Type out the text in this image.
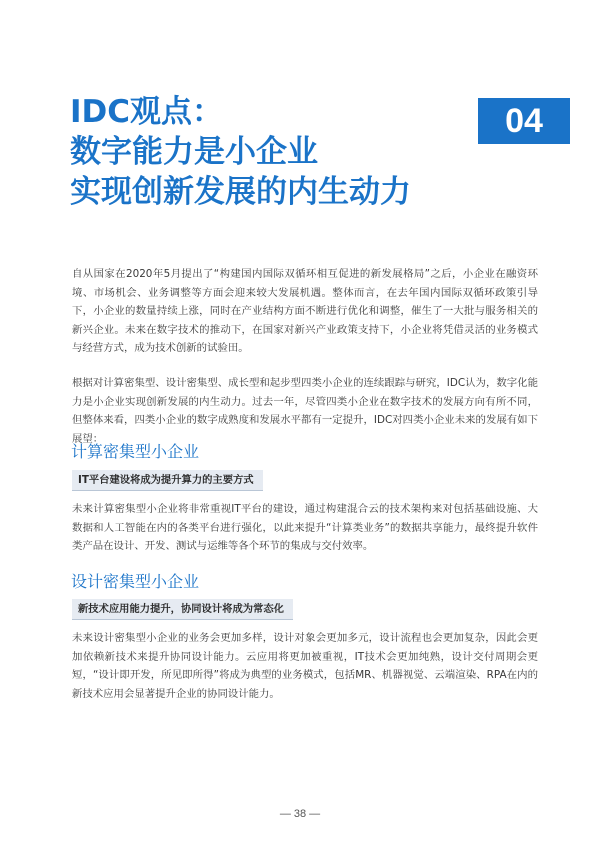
IDC观点：
数字能力是小企业
实现创新发展的内生动力
04

自从国家在2020年5月提出了“构建国内国际双循环相互促进的新发展格局”之后，小企业在融资环境、市场机会、业务调整等方面会迎来较大发展机遇。整体而言，在去年国内国际双循环政策引导下，小企业的数量持续上涨，同时在产业结构方面不断进行优化和调整，催生了一大批与服务相关的新兴企业。未来在数字技术的推动下，在国家对新兴产业政策支持下，小企业将凭借灵活的业务模式与经营方式，成为技术创新的试验田。

根据对计算密集型、设计密集型、成长型和起步型四类小企业的连续跟踪与研究，IDC认为，数字化能力是小企业实现创新发展的内生动力。过去一年，尽管四类小企业在数字技术的发展方向有所不同，但整体来看，四类小企业的数字成熟度和发展水平都有一定提升，IDC对四类小企业未来的发展有如下展望：

计算密集型小企业
IT平台建设将成为提升算力的主要方式

未来计算密集型小企业将非常重视IT平台的建设，通过构建混合云的技术架构来对包括基础设施、大数据和人工智能在内的各类平台进行强化，以此来提升“计算类业务”的数据共享能力，最终提升软件类产品在设计、开发、测试与运维等各个环节的集成与交付效率。

设计密集型小企业
新技术应用能力提升，协同设计将成为常态化

未来设计密集型小企业的业务会更加多样，设计对象会更加多元，设计流程也会更加复杂，因此会更加依赖新技术来提升协同设计能力。云应用将更加被重视，IT技术会更加纯熟，设计交付周期会更短，“设计即开发，所见即所得”将成为典型的业务模式，包括MR、机器视觉、云端渲染、RPA在内的新技术应用会显著提升企业的协同设计能力。

— 38 —
